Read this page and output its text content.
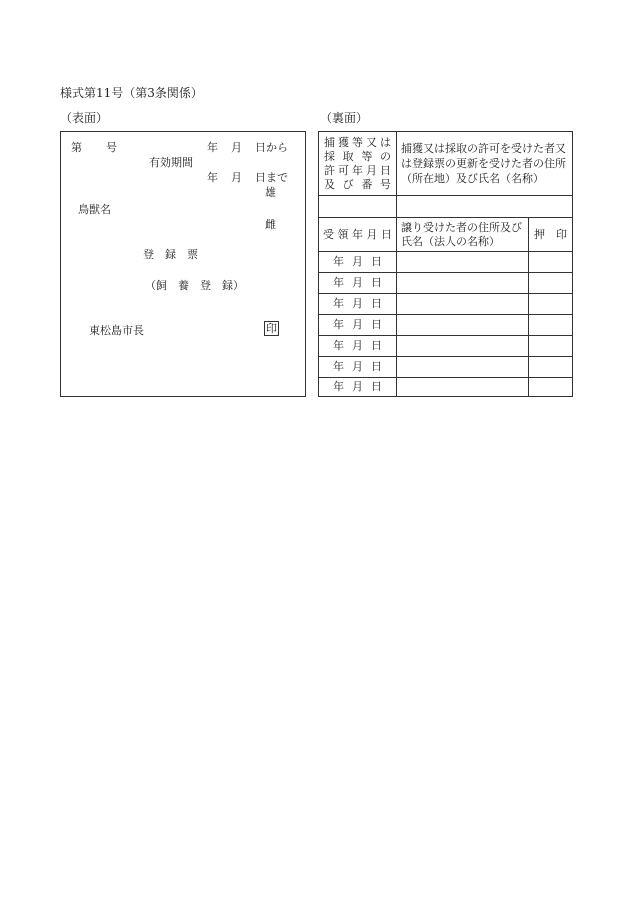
様式第11号（第3条関係）
（表面）	（裏面）
第 号	年 月 日から
有効期間
年 月 日まで
雄
鳥獣名
雌
登　録　票
（飼　養　登　録）
東松島市長	印
捕獲等又は
採取等の
許可年月日
及び番号	捕獲又は採取の許可を受けた者又は登録票の更新を受けた者の住所（所在地）及び氏名（名称）	

受領年月日	譲り受けた者の住所及び氏名（法人の名称）	押　印

年 月 日		

年 月 日		

年 月 日		

年 月 日		

年 月 日		

年 月 日		

年 月 日		
